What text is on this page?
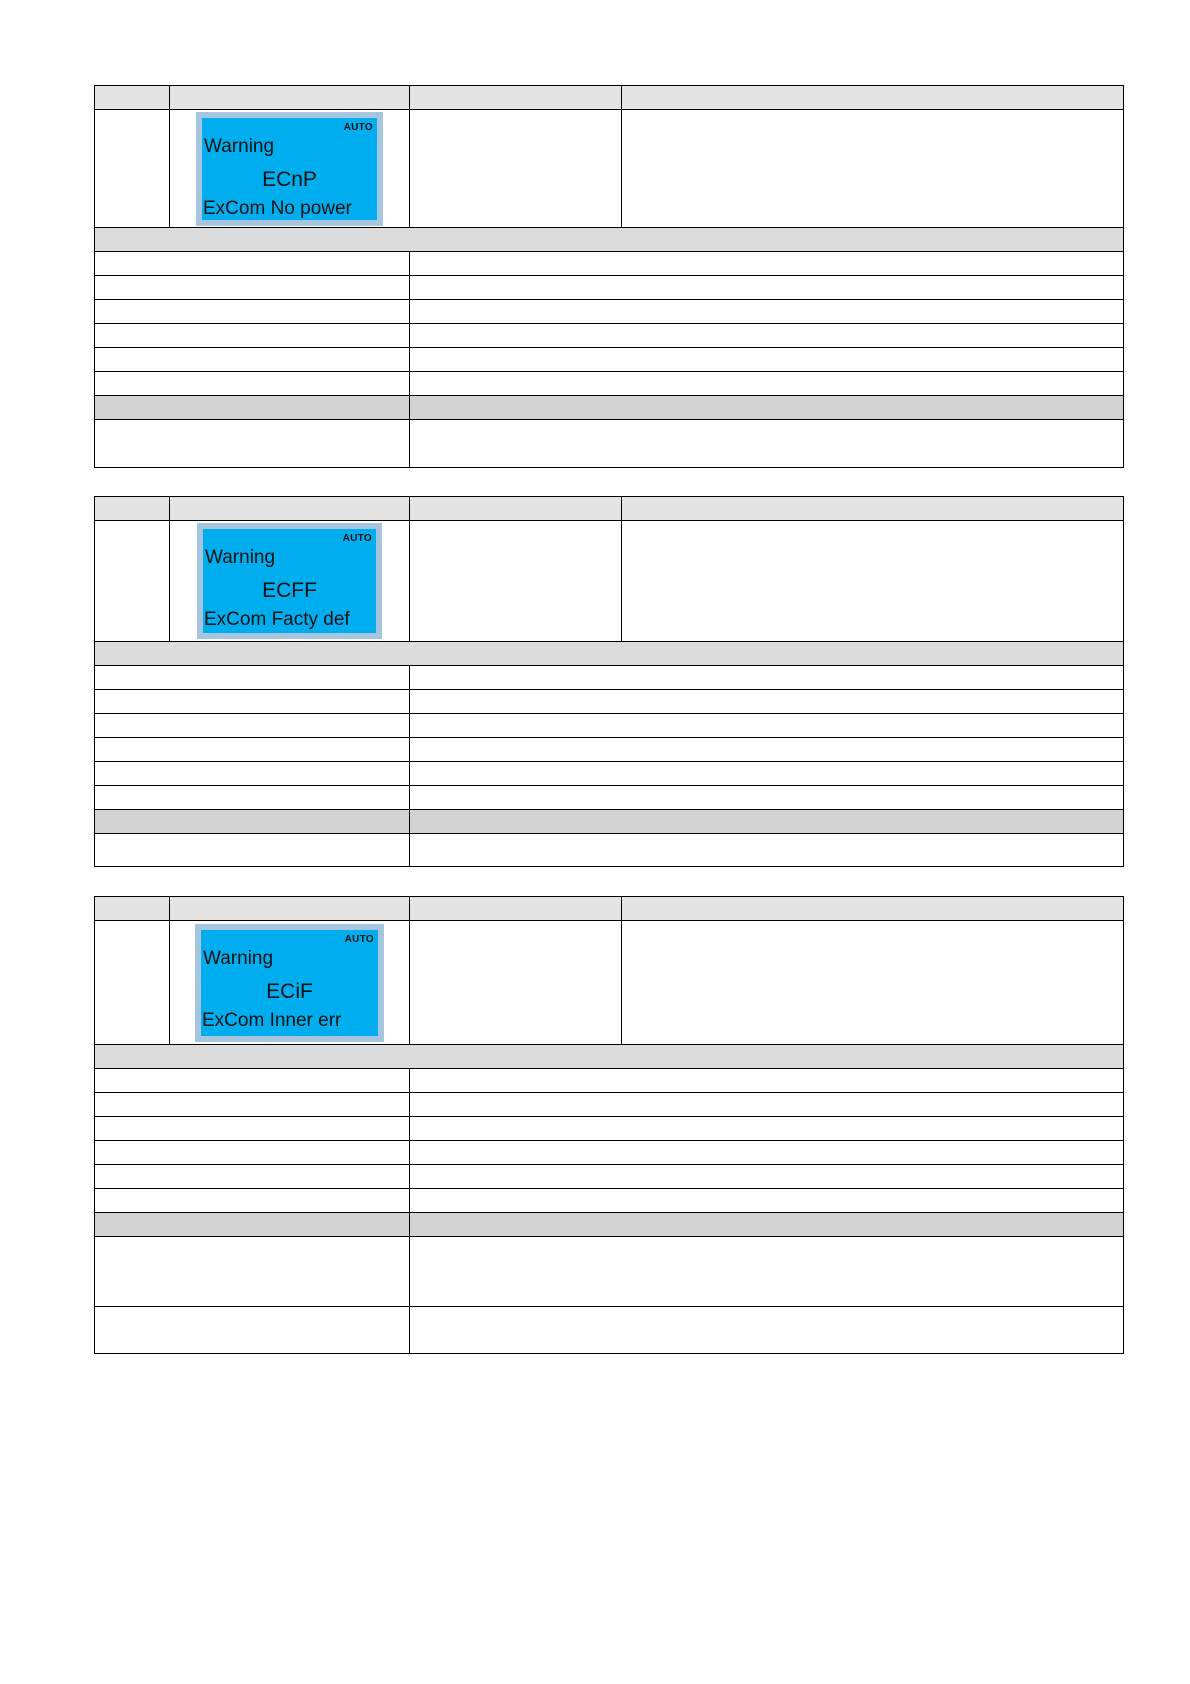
	AUTO
Warning
ECnP
ExCom No power		

	AUTO
Warning
ECFF
ExCom Facty def		

	AUTO
Warning
ECiF
ExCom Inner err		
